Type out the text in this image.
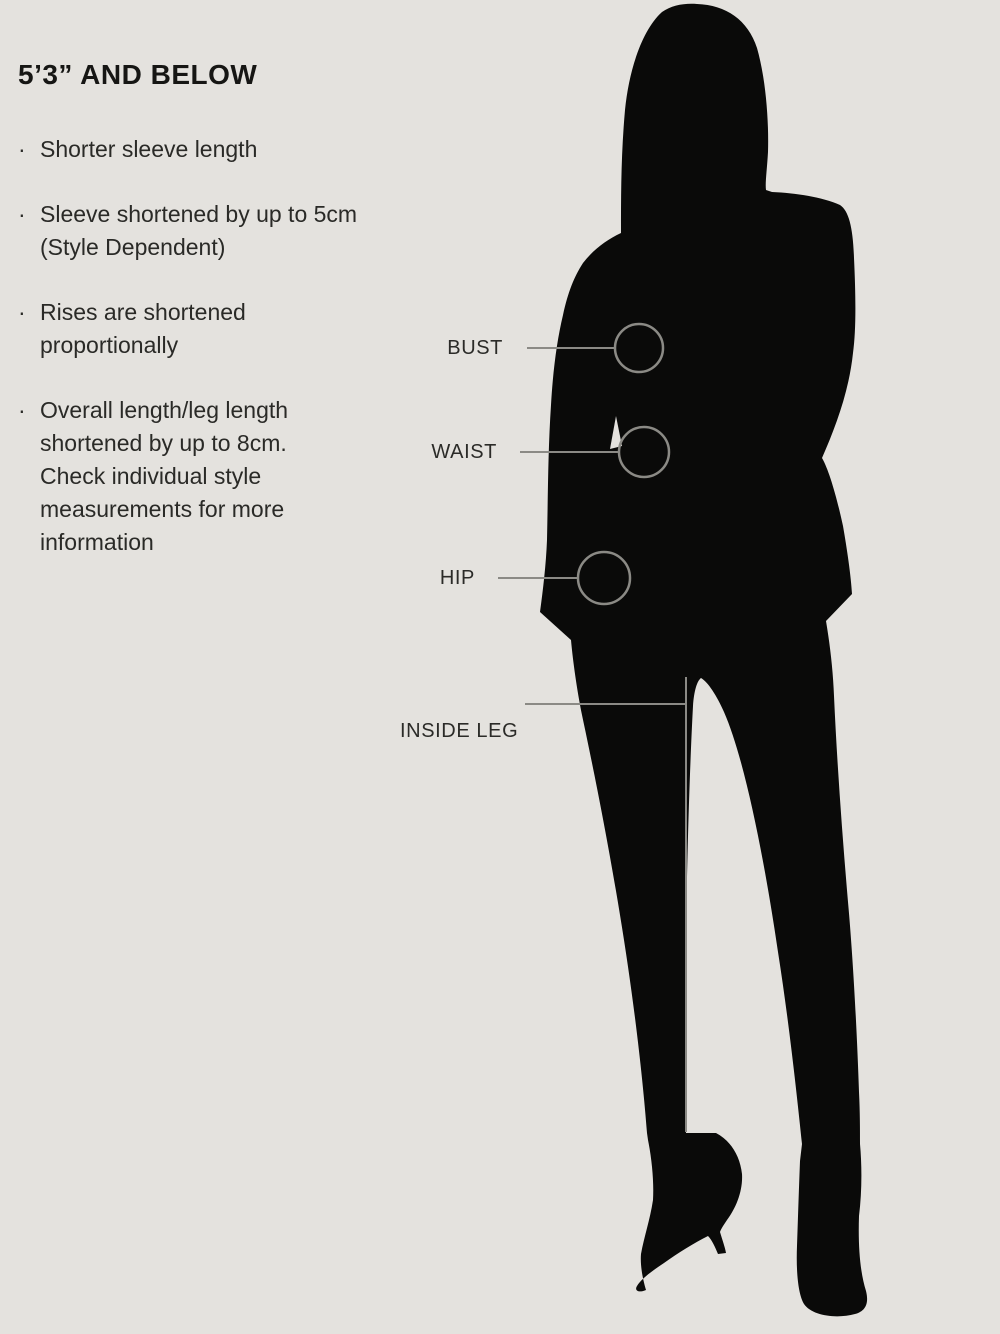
5’3” AND BELOW
· Shorter sleeve length
· Sleeve shortened by up to 5cm
(Style Dependent)
· Rises are shortened
proportionally
· Overall length/leg length
shortened by up to 8cm.
Check individual style
measurements for more
information
BUST
WAIST
HIP
INSIDE LEG
